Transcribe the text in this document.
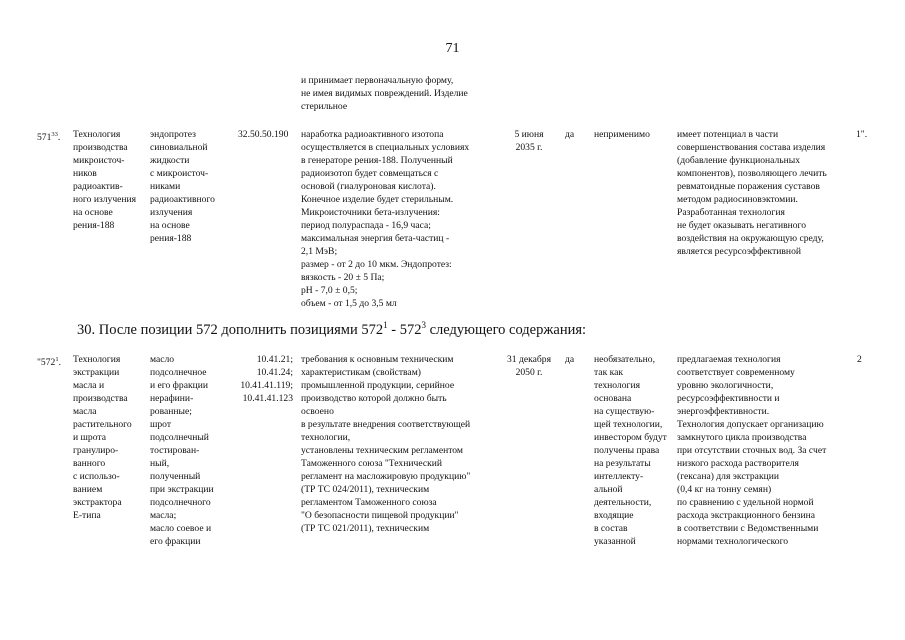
71
и принимает первоначальную форму,
не имея видимых повреждений. Изделие
стерильное
$571^{33}$. Технология
производства
микроисточ-
ников
радиоактив-
ного излучения
на основе
рения-188
эндопротез
синовиальной
жидкости
с микроисточ-
никами
радиоактивного
излучения
на основе
рения-188
32.50.50.190 наработка радиоактивного изотопа
осуществляется в специальных условиях
в генераторе рения-188. Полученный
радиоизотоп будет совмещаться с
основой (гиалуроновая кислота).
Конечное изделие будет стерильным.
Микроисточники бета-излучения:
период полураспада - 16,9 часа;
максимальная энергия бета-частиц -
2,1 МэВ;
размер - от 2 до 10 мкм. Эндопротез:
вязкость - 20 ± 5 Па;
pH - 7,0 ± 0,5;
объем - от 1,5 до 3,5 мл
5 июня
2035 г.
да неприменимо	имеет потенциал в части
совершенствования состава изделия
(добавление функциональных
компонентов), позволяющего лечить
ревматоидные поражения суставов
методом радиосиновэктомии.
Разработанная технология
не будет оказывать негативного
воздействия на окружающую среду,
является ресурсоэффективной
1".
30. После позиции 572 дополнить позициями $572^1 - 572^3$ следующего содержания:
"$572^1$. Технология
экстракции
масла и
производства
масла
растительного
и шрота
гранулиро-
ванного
с использо-
ванием
экстрактора
Е-типа
масло
подсолнечное
и его фракции
нерафини-
рованные;
шрот
подсолнечный
тостирован-
ный,
полученный
при экстракции
подсолнечного
масла;
масло соевое и
его фракции
10.41.21;
10.41.24;
10.41.41.119;
10.41.41.123
требования к основным техническим
характеристикам (свойствам)
промышленной продукции, серийное
производство которой должно быть
освоено
в результате внедрения соответствующей
технологии,
установлены техническим регламентом
Таможенного союза "Технический
регламент на масложировую продукцию"
(ТР ТС 024/2011), техническим
регламентом Таможенного союза
"О безопасности пищевой продукции"
(ТР ТС 021/2011), техническим
31 декабря
2050 г.
да необязательно,
так как
технология
основана
на существую-
щей технологии,
инвестором будут
получены права
на результаты
интеллекту-
альной
деятельности,
входящие
в состав
указанной
предлагаемая технология
соответствует современному
уровню экологичности,
ресурсоэффективности и
энергоэффективности.
Технология допускает организацию
замкнутого цикла производства
при отсутствии сточных вод. За счет
низкого расхода растворителя
(гексана) для экстракции
(0,4 кг на тонну семян)
по сравнению с удельной нормой
расхода экстракционного бензина
в соответствии с Ведомственными
нормами технологического
2
